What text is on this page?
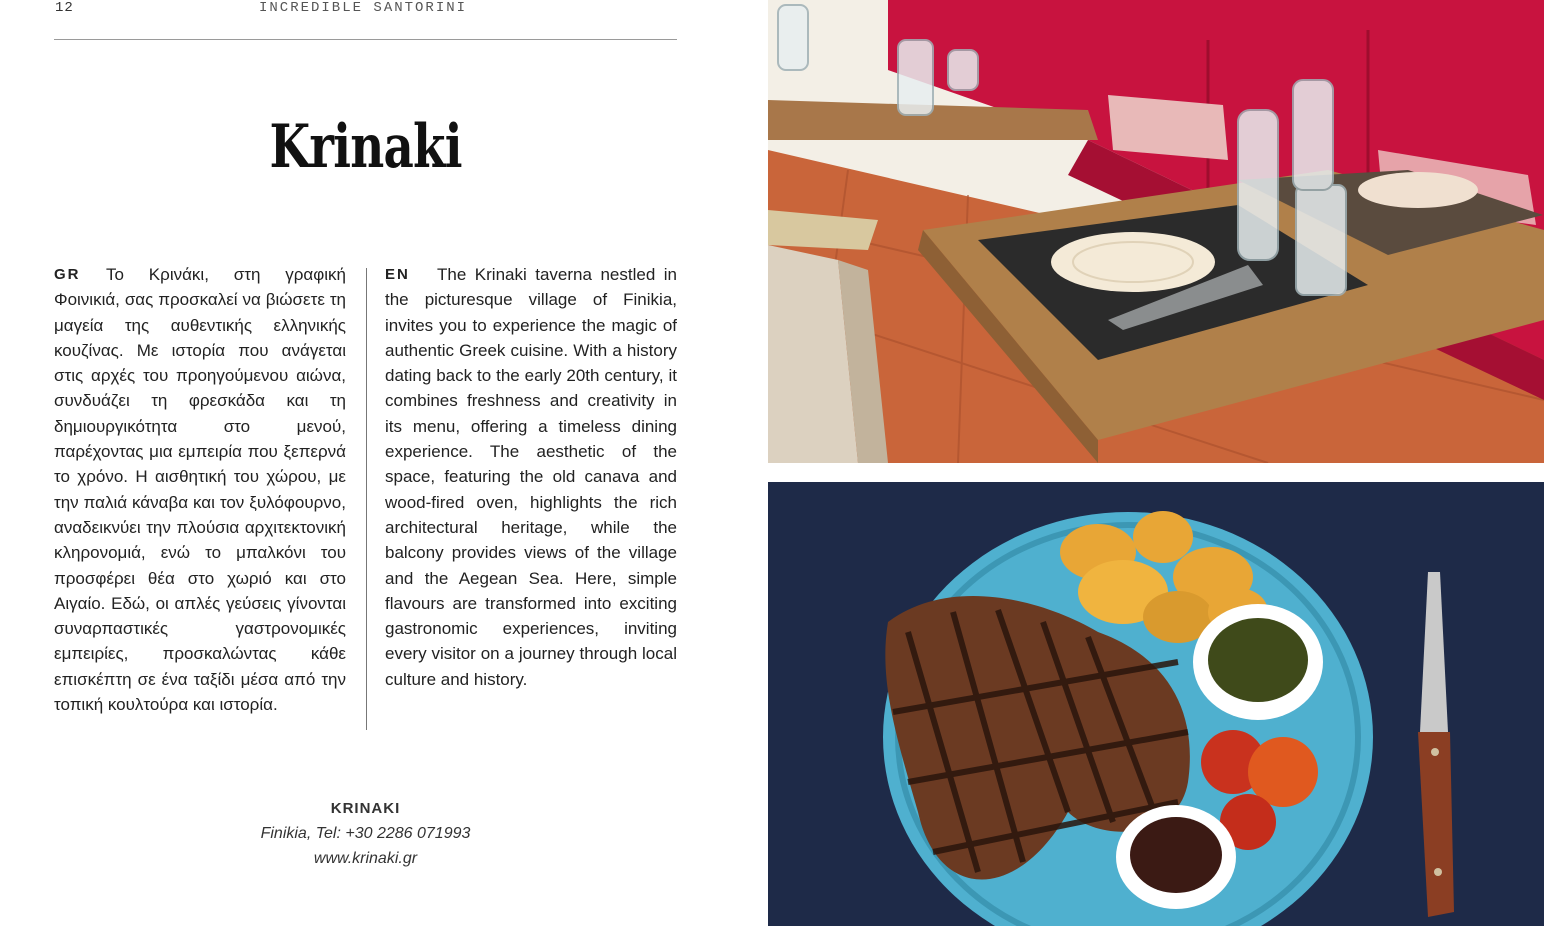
12	INCREDIBLE SANTORINI
Krinaki
GR	Το Κρινάκι, στη γραφική Φοινικιά, σας προσκαλεί να βιώσετε τη μαγεία της αυθεντικής ελληνικής κουζίνας. Με ιστορία που ανάγεται στις αρχές του προηγούμενου αιώνα, συνδυάζει τη φρεσκάδα και τη δημιουργικότητα στο μενού, παρέχοντας μια εμπειρία που ξεπερνά το χρόνο. Η αισθητική του χώρου, με την παλιά κάναβα και τον ξυλόφουρνο, αναδεικνύει την πλούσια αρχιτεκτονική κληρονομιά, ενώ το μπαλκόνι του προσφέρει θέα στο χωριό και στο Αιγαίο. Εδώ, οι απλές γεύσεις γίνονται συναρπαστικές γαστρονομικές εμπειρίες, προσκαλώντας κάθε επισκέπτη σε ένα ταξίδι μέσα από την τοπική κουλτούρα και ιστορία.
EN	The Krinaki taverna nestled in the picturesque village of Finikia, invites you to experience the magic of authentic Greek cuisine. With a history dating back to the early 20th century, it combines freshness and creativity in its menu, offering a timeless dining experience. The aesthetic of the space, featuring the old canava and wood-fired oven, highlights the rich architectural heritage, while the balcony provides views of the village and the Aegean Sea. Here, simple flavours are transformed into exciting gastronomic experiences, inviting every visitor on a journey through local culture and history.
KRINAKI
Finikia, Tel: +30 2286 071993
www.krinaki.gr
